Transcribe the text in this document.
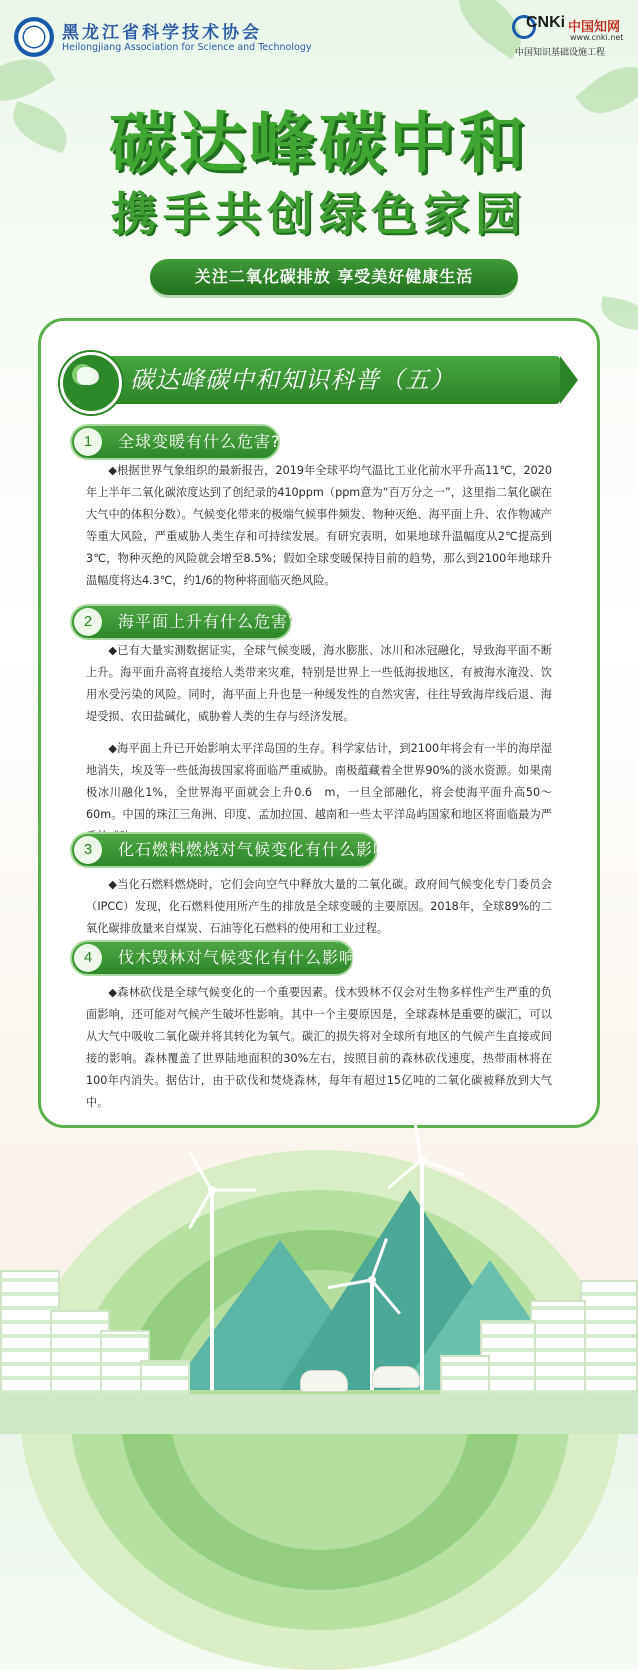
黑龙江省科学技术协会
Heilongjiang Association for Science and Technology
CNKi 中国知网
www.cnki.net
中国知识基础设施工程
碳达峰碳中和
携手共创绿色家园
关注二氧化碳排放 享受美好健康生活
碳达峰碳中和知识科普（五）
1	全球变暖有什么危害?
◆根据世界气象组织的最新报告，2019年全球平均气温比工业化前水平升高11℃，2020年上半年二氧化碳浓度达到了创纪录的410ppm（ppm意为“百万分之一”，这里指二氧化碳在大气中的体积分数）。气候变化带来的极端气候事件频发、物种灭绝、海平面上升、农作物减产等重大风险，严重威胁人类生存和可持续发展。有研究表明，如果地球升温幅度从2℃提高到3℃，物种灭绝的风险就会增至8.5%；假如全球变暖保持目前的趋势，那么到2100年地球升温幅度将达4.3℃，约1/6的物种将面临灭绝风险。
2	海平面上升有什么危害?
◆已有大量实测数据证实，全球气候变暖，海水膨胀、冰川和冰冠融化，导致海平面不断上升。海平面升高将直接给人类带来灾难，特别是世界上一些低海拔地区，有被海水淹没、饮用水受污染的风险。同时，海平面上升也是一种缓发性的自然灾害，往往导致海岸线后退、海堤受损、农田盐碱化，威胁着人类的生存与经济发展。
◆海平面上升已开始影响太平洋岛国的生存。科学家估计，到2100年将会有一半的海岸湿地消失，埃及等一些低海拔国家将面临严重威胁。南极蕴藏着全世界90%的淡水资源。如果南极冰川融化1%，全世界海平面就会上升0.6　m，一旦全部融化，将会使海平面升高50～60m。中国的珠江三角洲、印度、孟加拉国、越南和一些太平洋岛屿国家和地区将面临最为严
3	化石燃料燃烧对气候变化有什么影响?
◆当化石燃料燃烧时，它们会向空气中释放大量的二氧化碳。政府间气候变化专门委员会（IPCC）发现，化石燃料使用所产生的排放是全球变暖的主要原因。2018年，全球89%的二氧化碳排放量来自煤炭、石油等化石燃料的使用和工业过程。
4	伐木毁林对气候变化有什么影响?
◆森林砍伐是全球气候变化的一个重要因素。伐木毁林不仅会对生物多样性产生严重的负面影响，还可能对气候产生破坏性影响。其中一个主要原因是，全球森林是重要的碳汇，可以从大气中吸收二氧化碳并将其转化为氧气。碳汇的损失将对全球所有地区的气候产生直接或间接的影响。森林覆盖了世界陆地面积的30%左右，按照目前的森林砍伐速度，热带雨林将在100年内消失。据估计，由于砍伐和焚烧森林，每年有超过15亿吨的二氧化碳被释放到大气中。
